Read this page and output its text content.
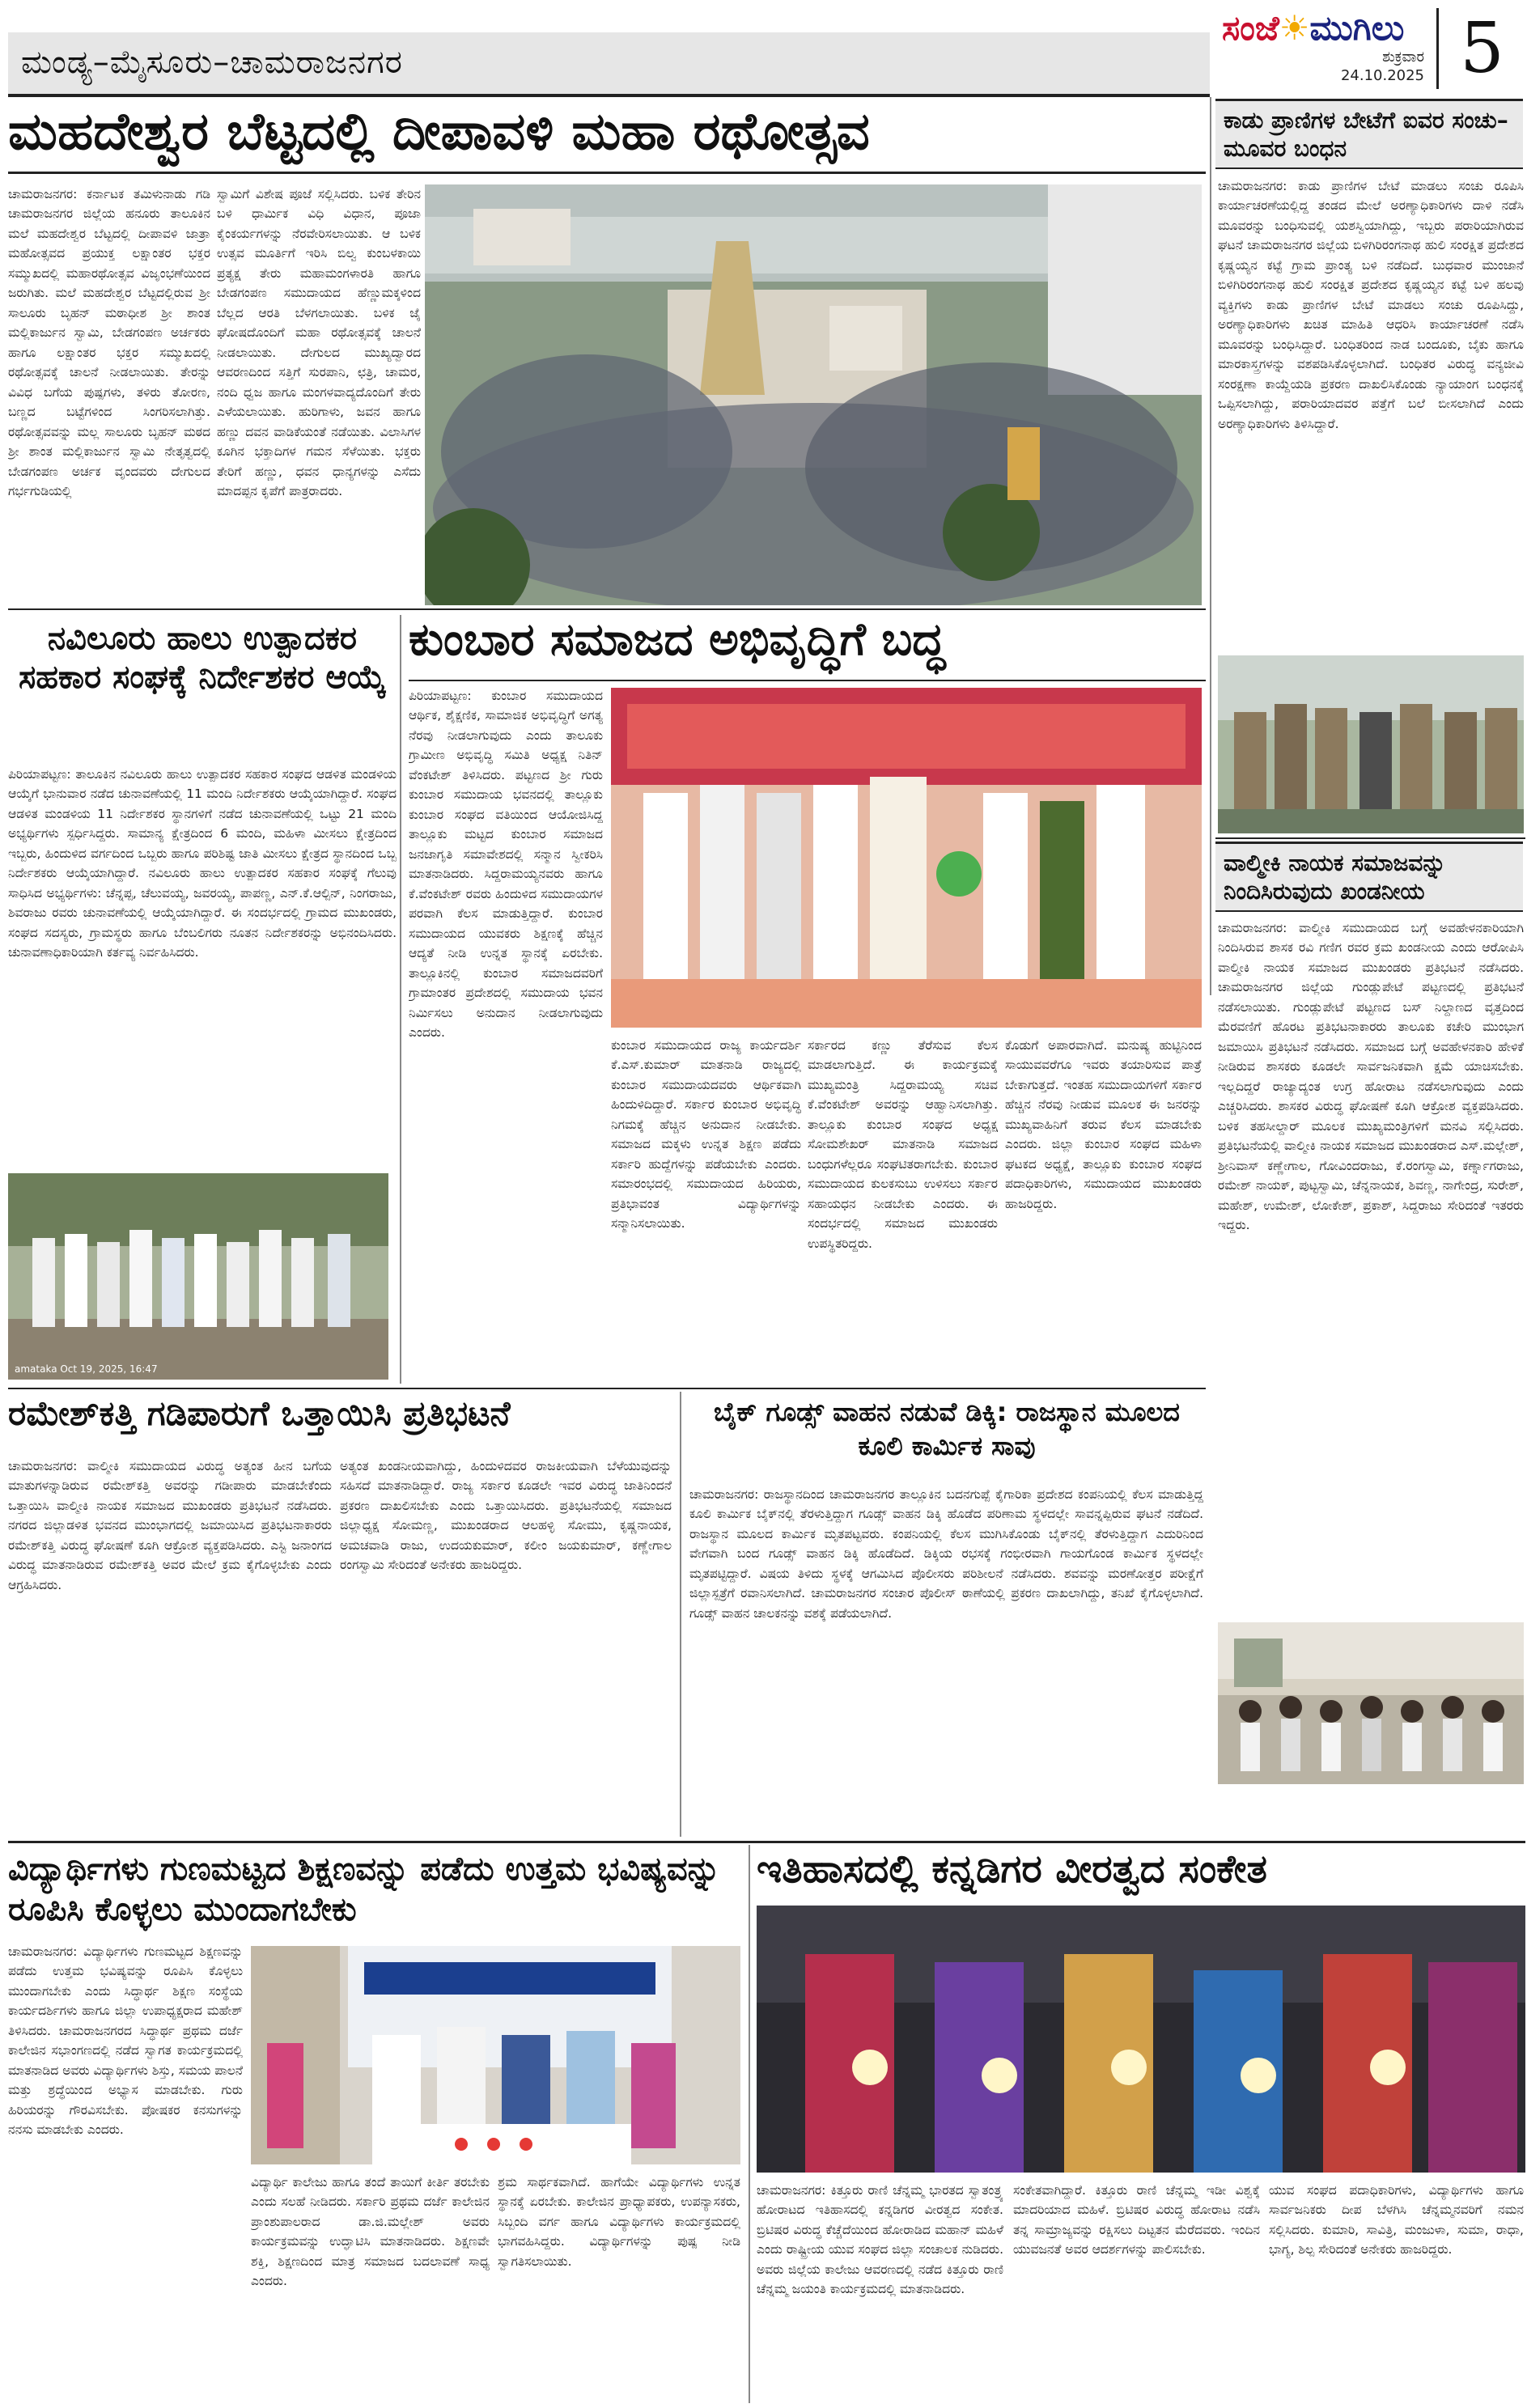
ಮಂಡ್ಯ–ಮೈಸೂರು–ಚಾಮರಾಜನಗರ
ಸಂಜೆ☀ಮುಗಿಲು
ಶುಕ್ರವಾರ
24.10.2025 5
ಮಹದೇಶ್ವರ ಬೆಟ್ಟದಲ್ಲಿ ದೀಪಾವಳಿ ಮಹಾ ರಥೋತ್ಸವ
ಚಾಮರಾಜನಗರ: ಕರ್ನಾಟಕ ತಮಿಳುನಾಡು ಗಡಿ ಚಾಮರಾಜನಗರ ಜಿಲ್ಲೆಯ ಹನೂರು ತಾಲೂಕಿನ ಮಲೆ ಮಹದೇಶ್ವರ ಬೆಟ್ಟದಲ್ಲಿ ದೀಪಾವಳಿ ಜಾತ್ರಾ ಮಹೋತ್ಸವದ ಪ್ರಯುಕ್ತ ಲಕ್ಷಾಂತರ ಭಕ್ತರ ಸಮ್ಮುಖದಲ್ಲಿ ಮಹಾರಥೋತ್ಸವ ವಿಜೃಂಭಣೆಯಿಂದ ಜರುಗಿತು. ಮಲೆ ಮಹದೇಶ್ವರ ಬೆಟ್ಟದಲ್ಲಿರುವ ಶ್ರೀ ಸಾಲೂರು ಬೃಹನ್ ಮಠಾಧೀಶ ಶ್ರೀ ಶಾಂತ ಮಲ್ಲಿಕಾರ್ಜುನ ಸ್ವಾಮಿ, ಬೇಡಗಂಪಣ ಅರ್ಚಕರು ಹಾಗೂ ಲಕ್ಷಾಂತರ ಭಕ್ತರ ಸಮ್ಮುಖದಲ್ಲಿ ರಥೋತ್ಸವಕ್ಕೆ ಚಾಲನೆ ನೀಡಲಾಯಿತು. ತೇರನ್ನು ವಿವಿಧ ಬಗೆಯ ಪುಷ್ಪಗಳು, ತಳಿರು ತೋರಣ, ಬಣ್ಣದ ಬಟ್ಟೆಗಳಿಂದ ಸಿಂಗರಿಸಲಾಗಿತ್ತು. ರಥೋತ್ಸವವನ್ನು ಮಲ್ಲ ಸಾಲೂರು ಬೃಹನ್ ಮಠದ ಶ್ರೀ ಶಾಂತ ಮಲ್ಲಿಕಾರ್ಜುನ ಸ್ವಾಮಿ ನೇತೃತ್ವದಲ್ಲಿ ಬೇಡಗಂಪಣ ಅರ್ಚಕ ವೃಂದವರು ದೇಗುಲದ ಗರ್ಭಗುಡಿಯಲ್ಲಿ
ಸ್ವಾಮಿಗೆ ವಿಶೇಷ ಪೂಜೆ ಸಲ್ಲಿಸಿದರು. ಬಳಿಕ ತೇರಿನ ಬಳಿ ಧಾರ್ಮಿಕ ವಿಧಿ ವಿಧಾನ, ಪೂಜಾ ಕೈಂಕರ್ಯಗಳನ್ನು ನೆರವೇರಿಸಲಾಯಿತು. ಆ ಬಳಿಕ ಉತ್ಸವ ಮೂರ್ತಿಗೆ ಇರಿಸಿ ಬಿಲ್ವ ಕುಂಬಳಕಾಯಿ ಪ್ರತ್ಯಕ್ಷ ತೇರು ಮಹಾಮಂಗಳಾರತಿ ಹಾಗೂ ಬೇಡಗಂಪಣ ಸಮುದಾಯದ ಹೆಣ್ಣುಮಕ್ಕಳಿಂದ ಬೆಲ್ಲದ ಆರತಿ ಬೆಳಗಲಾಯಿತು. ಬಳಿಕ ಜೈ ಘೋಷದೊಂದಿಗೆ ಮಹಾ ರಥೋತ್ಸವಕ್ಕೆ ಚಾಲನೆ ನೀಡಲಾಯಿತು. ದೇಗುಲದ ಮುಖ್ಯದ್ವಾರದ ಆವರಣದಿಂದ ಸತ್ತಿಗೆ ಸುರಪಾನಿ, ಛತ್ರಿ, ಚಾಮರ, ನಂದಿ ಧ್ವಜ ಹಾಗೂ ಮಂಗಳವಾದ್ಯದೊಂದಿಗೆ ತೇರು ಎಳೆಯಲಾಯಿತು. ಹುರಿಗಾಳು, ಜವನ ಹಾಗೂ ಹಣ್ಣು ದವನ ವಾಡಿಕೆಯಂತೆ ನಡೆಯಿತು. ವಿಲಾಸಿಗಳ ಕೂಗಿನ ಭಕ್ತಾದಿಗಳ ಗಮನ ಸೆಳೆಯಿತು. ಭಕ್ತರು ತೇರಿಗೆ ಹಣ್ಣು, ಧವನ ಧಾನ್ಯಗಳನ್ನು ಎಸೆದು ಮಾದಪ್ಪನ ಕೃಪೆಗೆ ಪಾತ್ರರಾದರು.
ಕಾಡು ಪ್ರಾಣಿಗಳ ಬೇಟೆಗೆ ಐವರ ಸಂಚು–ಮೂವರ ಬಂಧನ
ಚಾಮರಾಜನಗರ: ಕಾಡು ಪ್ರಾಣಿಗಳ ಬೇಟೆ ಮಾಡಲು ಸಂಚು ರೂಪಿಸಿ ಕಾರ್ಯಾಚರಣೆಯಲ್ಲಿದ್ದ ತಂಡದ ಮೇಲೆ ಅರಣ್ಯಾಧಿಕಾರಿಗಳು ದಾಳಿ ನಡೆಸಿ ಮೂವರನ್ನು ಬಂಧಿಸುವಲ್ಲಿ ಯಶಸ್ವಿಯಾಗಿದ್ದು, ಇಬ್ಬರು ಪರಾರಿಯಾಗಿರುವ ಘಟನೆ ಚಾಮರಾಜನಗರ ಜಿಲ್ಲೆಯ ಬಿಳಿಗಿರಿರಂಗನಾಥ ಹುಲಿ ಸಂರಕ್ಷಿತ ಪ್ರದೇಶದ ಕೃಷ್ಣಯ್ಯನ ಕಟ್ಟೆ ಗ್ರಾಮ ಪ್ರಾಂತ್ಯ ಬಳಿ ನಡೆದಿದೆ. ಬುಧವಾರ ಮುಂಜಾನೆ ಬಿಳಿಗಿರಿರಂಗನಾಥ ಹುಲಿ ಸಂರಕ್ಷಿತ ಪ್ರದೇಶದ ಕೃಷ್ಣಯ್ಯನ ಕಟ್ಟೆ ಬಳಿ ಹಲವು ವ್ಯಕ್ತಿಗಳು ಕಾಡು ಪ್ರಾಣಿಗಳ ಬೇಟೆ ಮಾಡಲು ಸಂಚು ರೂಪಿಸಿದ್ದು, ಅರಣ್ಯಾಧಿಕಾರಿಗಳು ಖಚಿತ ಮಾಹಿತಿ ಆಧರಿಸಿ ಕಾರ್ಯಾಚರಣೆ ನಡೆಸಿ ಮೂವರನ್ನು ಬಂಧಿಸಿದ್ದಾರೆ. ಬಂಧಿತರಿಂದ ನಾಡ ಬಂದೂಕು, ಬೈಕು ಹಾಗೂ ಮಾರಕಾಸ್ತ್ರಗಳನ್ನು ವಶಪಡಿಸಿಕೊಳ್ಳಲಾಗಿದೆ. ಬಂಧಿತರ ವಿರುದ್ಧ ವನ್ಯಜೀವಿ ಸಂರಕ್ಷಣಾ ಕಾಯ್ದೆಯಡಿ ಪ್ರಕರಣ ದಾಖಲಿಸಿಕೊಂಡು ನ್ಯಾಯಾಂಗ ಬಂಧನಕ್ಕೆ ಒಪ್ಪಿಸಲಾಗಿದ್ದು, ಪರಾರಿಯಾದವರ ಪತ್ತೆಗೆ ಬಲೆ ಬೀಸಲಾಗಿದೆ ಎಂದು ಅರಣ್ಯಾಧಿಕಾರಿಗಳು ತಿಳಿಸಿದ್ದಾರೆ.
ವಾಲ್ಮೀಕಿ ನಾಯಕ ಸಮಾಜವನ್ನು ನಿಂದಿಸಿರುವುದು ಖಂಡನೀಯ
ಚಾಮರಾಜನಗರ: ವಾಲ್ಮೀಕಿ ಸಮುದಾಯದ ಬಗ್ಗೆ ಅವಹೇಳನಕಾರಿಯಾಗಿ ನಿಂದಿಸಿರುವ ಶಾಸಕ ರವಿ ಗಣಿಗ ರವರ ಕ್ರಮ ಖಂಡನೀಯ ಎಂದು ಆರೋಪಿಸಿ ವಾಲ್ಮೀಕಿ ನಾಯಕ ಸಮಾಜದ ಮುಖಂಡರು ಪ್ರತಿಭಟನೆ ನಡೆಸಿದರು. ಚಾಮರಾಜನಗರ ಜಿಲ್ಲೆಯ ಗುಂಡ್ಲುಪೇಟೆ ಪಟ್ಟಣದಲ್ಲಿ ಪ್ರತಿಭಟನೆ ನಡೆಸಲಾಯಿತು. ಗುಂಡ್ಲುಪೇಟೆ ಪಟ್ಟಣದ ಬಸ್ ನಿಲ್ದಾಣದ ವೃತ್ತದಿಂದ ಮೆರವಣಿಗೆ ಹೊರಟ ಪ್ರತಿಭಟನಾಕಾರರು ತಾಲೂಕು ಕಚೇರಿ ಮುಂಭಾಗ ಜಮಾಯಿಸಿ ಪ್ರತಿಭಟನೆ ನಡೆಸಿದರು. ಸಮಾಜದ ಬಗ್ಗೆ ಅವಹೇಳನಕಾರಿ ಹೇಳಿಕೆ ನೀಡಿರುವ ಶಾಸಕರು ಕೂಡಲೇ ಸಾರ್ವಜನಿಕವಾಗಿ ಕ್ಷಮೆ ಯಾಚಿಸಬೇಕು. ಇಲ್ಲದಿದ್ದರೆ ರಾಜ್ಯಾದ್ಯಂತ ಉಗ್ರ ಹೋರಾಟ ನಡೆಸಲಾಗುವುದು ಎಂದು ಎಚ್ಚರಿಸಿದರು. ಶಾಸಕರ ವಿರುದ್ಧ ಘೋಷಣೆ ಕೂಗಿ ಆಕ್ರೋಶ ವ್ಯಕ್ತಪಡಿಸಿದರು. ಬಳಿಕ ತಹಸೀಲ್ದಾರ್ ಮೂಲಕ ಮುಖ್ಯಮಂತ್ರಿಗಳಿಗೆ ಮನವಿ ಸಲ್ಲಿಸಿದರು. ಪ್ರತಿಭಟನೆಯಲ್ಲಿ ವಾಲ್ಮೀಕಿ ನಾಯಕ ಸಮಾಜದ ಮುಖಂಡರಾದ ಎಸ್.ಮಲ್ಲೇಶ್, ಶ್ರೀನಿವಾಸ್ ಕಣ್ಣೇಗಾಲ, ಗೋವಿಂದರಾಜು, ಕೆ.ರಂಗಸ್ವಾಮಿ, ಕರ್ಣ್ನಾಗರಾಜು, ರಮೇಶ್ ನಾಯಕ್, ಪುಟ್ಟಸ್ವಾಮಿ, ಚೆನ್ನನಾಯಕ, ಶಿವಣ್ಣ, ನಾಗೇಂದ್ರ, ಸುರೇಶ್, ಮಹೇಶ್, ಉಮೇಶ್, ಲೋಕೇಶ್, ಪ್ರಕಾಶ್, ಸಿದ್ದರಾಜು ಸೇರಿದಂತೆ ಇತರರು ಇದ್ದರು.
ನವಿಲೂರು ಹಾಲು ಉತ್ಪಾದಕರ ಸಹಕಾರ ಸಂಘಕ್ಕೆ ನಿರ್ದೇಶಕರ ಆಯ್ಕೆ
ಪಿರಿಯಾಪಟ್ಟಣ: ತಾಲೂಕಿನ ನವಿಲೂರು ಹಾಲು ಉತ್ಪಾದಕರ ಸಹಕಾರ ಸಂಘದ ಆಡಳಿತ ಮಂಡಳಿಯ ಆಯ್ಕೆಗೆ ಭಾನುವಾರ ನಡೆದ ಚುನಾವಣೆಯಲ್ಲಿ 11 ಮಂದಿ ನಿರ್ದೇಶಕರು ಆಯ್ಕೆಯಾಗಿದ್ದಾರೆ. ಸಂಘದ ಆಡಳಿತ ಮಂಡಳಿಯ 11 ನಿರ್ದೇಶಕರ ಸ್ಥಾನಗಳಿಗೆ ನಡೆದ ಚುನಾವಣೆಯಲ್ಲಿ ಒಟ್ಟು 21 ಮಂದಿ ಅಭ್ಯರ್ಥಿಗಳು ಸ್ಪರ್ಧಿಸಿದ್ದರು. ಸಾಮಾನ್ಯ ಕ್ಷೇತ್ರದಿಂದ 6 ಮಂದಿ, ಮಹಿಳಾ ಮೀಸಲು ಕ್ಷೇತ್ರದಿಂದ ಇಬ್ಬರು, ಹಿಂದುಳಿದ ವರ್ಗದಿಂದ ಒಬ್ಬರು ಹಾಗೂ ಪರಿಶಿಷ್ಟ ಜಾತಿ ಮೀಸಲು ಕ್ಷೇತ್ರದ ಸ್ಥಾನದಿಂದ ಒಬ್ಬ ನಿರ್ದೇಶಕರು ಆಯ್ಕೆಯಾಗಿದ್ದಾರೆ. ನವಿಲೂರು ಹಾಲು ಉತ್ಪಾದಕರ ಸಹಕಾರ ಸಂಘಕ್ಕೆ ಗೆಲುವು ಸಾಧಿಸಿದ ಅಭ್ಯರ್ಥಿಗಳು: ಚೆನ್ನಪ್ಪ, ಚೆಲುವಯ್ಯ, ಜವರಯ್ಯ, ಪಾಪಣ್ಣ, ಎನ್.ಕೆ.ಆಲ್ಪಿನ್, ನಿಂಗರಾಜು, ಶಿವರಾಜು ರವರು ಚುನಾವಣೆಯಲ್ಲಿ ಆಯ್ಕೆಯಾಗಿದ್ದಾರೆ. ಈ ಸಂದರ್ಭದಲ್ಲಿ ಗ್ರಾಮದ ಮುಖಂಡರು, ಸಂಘದ ಸದಸ್ಯರು, ಗ್ರಾಮಸ್ಥರು ಹಾಗೂ ಬೆಂಬಲಿಗರು ನೂತನ ನಿರ್ದೇಶಕರನ್ನು ಅಭಿನಂದಿಸಿದರು. ಚುನಾವಣಾಧಿಕಾರಿಯಾಗಿ ಕರ್ತವ್ಯ ನಿರ್ವಹಿಸಿದರು.
amataka Oct 19, 2025, 16:47
ಕುಂಬಾರ ಸಮಾಜದ ಅಭಿವೃದ್ಧಿಗೆ ಬದ್ಧ
ಪಿರಿಯಾಪಟ್ಟಣ: ಕುಂಬಾರ ಸಮುದಾಯದ ಆರ್ಥಿಕ, ಶೈಕ್ಷಣಿಕ, ಸಾಮಾಜಿಕ ಅಭಿವೃದ್ಧಿಗೆ ಅಗತ್ಯ ನೆರವು ನೀಡಲಾಗುವುದು ಎಂದು ತಾಲೂಕು ಗ್ರಾಮೀಣ ಅಭಿವೃದ್ಧಿ ಸಮಿತಿ ಅಧ್ಯಕ್ಷ ನಿತಿನ್ ವೆಂಕಟೇಶ್ ತಿಳಿಸಿದರು. ಪಟ್ಟಣದ ಶ್ರೀ ಗುರು ಕುಂಬಾರ ಸಮುದಾಯ ಭವನದಲ್ಲಿ ತಾಲ್ಲೂಕು ಕುಂಬಾರ ಸಂಘದ ವತಿಯಿಂದ ಆಯೋಜಿಸಿದ್ದ ತಾಲ್ಲೂಕು ಮಟ್ಟದ ಕುಂಬಾರ ಸಮಾಜದ ಜನಜಾಗೃತಿ ಸಮಾವೇಶದಲ್ಲಿ ಸನ್ಮಾನ ಸ್ವೀಕರಿಸಿ ಮಾತನಾಡಿದರು. ಸಿದ್ದರಾಮಯ್ಯನವರು ಹಾಗೂ ಕೆ.ವೆಂಕಟೇಶ್ ರವರು ಹಿಂದುಳಿದ ಸಮುದಾಯಗಳ ಪರವಾಗಿ ಕೆಲಸ ಮಾಡುತ್ತಿದ್ದಾರೆ. ಕುಂಬಾರ ಸಮುದಾಯದ ಯುವಕರು ಶಿಕ್ಷಣಕ್ಕೆ ಹೆಚ್ಚಿನ ಆದ್ಯತೆ ನೀಡಿ ಉನ್ನತ ಸ್ಥಾನಕ್ಕೆ ಏರಬೇಕು. ತಾಲ್ಲೂಕಿನಲ್ಲಿ ಕುಂಬಾರ ಸಮಾಜದವರಿಗೆ ಗ್ರಾಮಾಂತರ ಪ್ರದೇಶದಲ್ಲಿ ಸಮುದಾಯ ಭವನ ನಿರ್ಮಿಸಲು ಅನುದಾನ ನೀಡಲಾಗುವುದು ಎಂದರು.
ಕುಂಬಾರ ಸಮುದಾಯದ ರಾಜ್ಯ ಕಾರ್ಯದರ್ಶಿ ಕೆ.ಎಸ್.ಕುಮಾರ್ ಮಾತನಾಡಿ ರಾಜ್ಯದಲ್ಲಿ ಕುಂಬಾರ ಸಮುದಾಯದವರು ಆರ್ಥಿಕವಾಗಿ ಹಿಂದುಳಿದಿದ್ದಾರೆ. ಸರ್ಕಾರ ಕುಂಬಾರ ಅಭಿವೃದ್ಧಿ ನಿಗಮಕ್ಕೆ ಹೆಚ್ಚಿನ ಅನುದಾನ ನೀಡಬೇಕು. ಸಮಾಜದ ಮಕ್ಕಳು ಉನ್ನತ ಶಿಕ್ಷಣ ಪಡೆದು ಸರ್ಕಾರಿ ಹುದ್ದೆಗಳನ್ನು ಪಡೆಯಬೇಕು ಎಂದರು. ಸಮಾರಂಭದಲ್ಲಿ ಸಮುದಾಯದ ಹಿರಿಯರು, ಪ್ರತಿಭಾವಂತ ವಿದ್ಯಾರ್ಥಿಗಳನ್ನು ಸನ್ಮಾನಿಸಲಾಯಿತು.
ಸರ್ಕಾರದ ಕಣ್ಣು ತೆರೆಸುವ ಕೆಲಸ ಮಾಡಲಾಗುತ್ತಿದೆ. ಈ ಕಾರ್ಯಕ್ರಮಕ್ಕೆ ಮುಖ್ಯಮಂತ್ರಿ ಸಿದ್ದರಾಮಯ್ಯ ಸಚಿವ ಕೆ.ವೆಂಕಟೇಶ್ ಅವರನ್ನು ಆಹ್ವಾನಿಸಲಾಗಿತ್ತು. ತಾಲ್ಲೂಕು ಕುಂಬಾರ ಸಂಘದ ಅಧ್ಯಕ್ಷ ಸೋಮಶೇಖರ್ ಮಾತನಾಡಿ ಸಮಾಜದ ಬಂಧುಗಳೆಲ್ಲರೂ ಸಂಘಟಿತರಾಗಬೇಕು. ಕುಂಬಾರ ಸಮುದಾಯದ ಕುಲಕಸುಬು ಉಳಿಸಲು ಸರ್ಕಾರ ಸಹಾಯಧನ ನೀಡಬೇಕು ಎಂದರು. ಈ ಸಂದರ್ಭದಲ್ಲಿ ಸಮಾಜದ ಮುಖಂಡರು ಉಪಸ್ಥಿತರಿದ್ದರು.
ಕೊಡುಗೆ ಅಪಾರವಾಗಿದೆ. ಮನುಷ್ಯ ಹುಟ್ಟಿನಿಂದ ಸಾಯುವವರೆಗೂ ಇವರು ತಯಾರಿಸುವ ಪಾತ್ರೆ ಬೇಕಾಗುತ್ತದೆ. ಇಂತಹ ಸಮುದಾಯಗಳಿಗೆ ಸರ್ಕಾರ ಹೆಚ್ಚಿನ ನೆರವು ನೀಡುವ ಮೂಲಕ ಈ ಜನರನ್ನು ಮುಖ್ಯವಾಹಿನಿಗೆ ತರುವ ಕೆಲಸ ಮಾಡಬೇಕು ಎಂದರು. ಜಿಲ್ಲಾ ಕುಂಬಾರ ಸಂಘದ ಮಹಿಳಾ ಘಟಕದ ಅಧ್ಯಕ್ಷೆ, ತಾಲ್ಲೂಕು ಕುಂಬಾರ ಸಂಘದ ಪದಾಧಿಕಾರಿಗಳು, ಸಮುದಾಯದ ಮುಖಂಡರು ಹಾಜರಿದ್ದರು.
ರಮೇಶ್‌ಕತ್ತಿ ಗಡಿಪಾರುಗೆ ಒತ್ತಾಯಿಸಿ ಪ್ರತಿಭಟನೆ
ಚಾಮರಾಜನಗರ: ವಾಲ್ಮೀಕಿ ಸಮುದಾಯದ ವಿರುದ್ಧ ಅತ್ಯಂತ ಹೀನ ಬಗೆಯ ಮಾತುಗಳನ್ನಾಡಿರುವ ರಮೇಶ್‌ಕತ್ತಿ ಅವರನ್ನು ಗಡೀಪಾರು ಮಾಡಬೇಕೆಂದು ಒತ್ತಾಯಿಸಿ ವಾಲ್ಮೀಕಿ ನಾಯಕ ಸಮಾಜದ ಮುಖಂಡರು ಪ್ರತಿಭಟನೆ ನಡೆಸಿದರು. ನಗರದ ಜಿಲ್ಲಾಡಳಿತ ಭವನದ ಮುಂಭಾಗದಲ್ಲಿ ಜಮಾಯಿಸಿದ ಪ್ರತಿಭಟನಾಕಾರರು ರಮೇಶ್‌ಕತ್ತಿ ವಿರುದ್ಧ ಘೋಷಣೆ ಕೂಗಿ ಆಕ್ರೋಶ ವ್ಯಕ್ತಪಡಿಸಿದರು. ಎಸ್ಟಿ ಜನಾಂಗದ ವಿರುದ್ಧ ಮಾತನಾಡಿರುವ ರಮೇಶ್‌ಕತ್ತಿ ಅವರ ಮೇಲೆ ಕ್ರಮ ಕೈಗೊಳ್ಳಬೇಕು ಎಂದು ಆಗ್ರಹಿಸಿದರು.
ಅತ್ಯಂತ ಖಂಡನೀಯವಾಗಿದ್ದು, ಹಿಂದುಳಿದವರ ರಾಜಕೀಯವಾಗಿ ಬೆಳೆಯುವುದನ್ನು ಸಹಿಸದೆ ಮಾತನಾಡಿದ್ದಾರೆ. ರಾಜ್ಯ ಸರ್ಕಾರ ಕೂಡಲೇ ಇವರ ವಿರುದ್ಧ ಜಾತಿನಿಂದನೆ ಪ್ರಕರಣ ದಾಖಲಿಸಬೇಕು ಎಂದು ಒತ್ತಾಯಿಸಿದರು. ಪ್ರತಿಭಟನೆಯಲ್ಲಿ ಸಮಾಜದ ಜಿಲ್ಲಾಧ್ಯಕ್ಷ ಸೋಮಣ್ಣ, ಮುಖಂಡರಾದ ಆಲಹಳ್ಳಿ ಸೋಮು, ಕೃಷ್ಣನಾಯಕ, ಅಮಚವಾಡಿ ರಾಜು, ಉದಯಕುಮಾರ್, ಕಲೀಂ ಜಯಕುಮಾರ್, ಕಣ್ಣೇಗಾಲ ರಂಗಸ್ವಾಮಿ ಸೇರಿದಂತೆ ಅನೇಕರು ಹಾಜರಿದ್ದರು.
ಬೈಕ್ ಗೂಡ್ಸ್ ವಾಹನ ನಡುವೆ ಡಿಕ್ಕಿ: ರಾಜಸ್ಥಾನ ಮೂಲದ ಕೂಲಿ ಕಾರ್ಮಿಕ ಸಾವು
ಚಾಮರಾಜನಗರ: ರಾಜಸ್ಥಾನದಿಂದ ಚಾಮರಾಜನಗರ ತಾಲ್ಲೂಕಿನ ಬದನಗುಪ್ಪೆ ಕೈಗಾರಿಕಾ ಪ್ರದೇಶದ ಕಂಪನಿಯಲ್ಲಿ ಕೆಲಸ ಮಾಡುತ್ತಿದ್ದ ಕೂಲಿ ಕಾರ್ಮಿಕ ಬೈಕ್‌ನಲ್ಲಿ ತೆರಳುತ್ತಿದ್ದಾಗ ಗೂಡ್ಸ್ ವಾಹನ ಡಿಕ್ಕಿ ಹೊಡೆದ ಪರಿಣಾಮ ಸ್ಥಳದಲ್ಲೇ ಸಾವನ್ನಪ್ಪಿರುವ ಘಟನೆ ನಡೆದಿದೆ. ರಾಜಸ್ಥಾನ ಮೂಲದ ಕಾರ್ಮಿಕ ಮೃತಪಟ್ಟವರು. ಕಂಪನಿಯಲ್ಲಿ ಕೆಲಸ ಮುಗಿಸಿಕೊಂಡು ಬೈಕ್‌ನಲ್ಲಿ ತೆರಳುತ್ತಿದ್ದಾಗ ಎದುರಿನಿಂದ ವೇಗವಾಗಿ ಬಂದ ಗೂಡ್ಸ್ ವಾಹನ ಡಿಕ್ಕಿ ಹೊಡೆದಿದೆ. ಡಿಕ್ಕಿಯ ರಭಸಕ್ಕೆ ಗಂಭೀರವಾಗಿ ಗಾಯಗೊಂಡ ಕಾರ್ಮಿಕ ಸ್ಥಳದಲ್ಲೇ ಮೃತಪಟ್ಟಿದ್ದಾರೆ. ವಿಷಯ ತಿಳಿದು ಸ್ಥಳಕ್ಕೆ ಆಗಮಿಸಿದ ಪೊಲೀಸರು ಪರಿಶೀಲನೆ ನಡೆಸಿದರು. ಶವವನ್ನು ಮರಣೋತ್ತರ ಪರೀಕ್ಷೆಗೆ ಜಿಲ್ಲಾಸ್ಪತ್ರೆಗೆ ರವಾನಿಸಲಾಗಿದೆ. ಚಾಮರಾಜನಗರ ಸಂಚಾರ ಪೊಲೀಸ್ ಠಾಣೆಯಲ್ಲಿ ಪ್ರಕರಣ ದಾಖಲಾಗಿದ್ದು, ತನಿಖೆ ಕೈಗೊಳ್ಳಲಾಗಿದೆ. ಗೂಡ್ಸ್ ವಾಹನ ಚಾಲಕನನ್ನು ವಶಕ್ಕೆ ಪಡೆಯಲಾಗಿದೆ.
ವಿದ್ಯಾರ್ಥಿಗಳು ಗುಣಮಟ್ಟದ ಶಿಕ್ಷಣವನ್ನು ಪಡೆದು ಉತ್ತಮ ಭವಿಷ್ಯವನ್ನು ರೂಪಿಸಿ ಕೊಳ್ಳಲು ಮುಂದಾಗಬೇಕು
ಚಾಮರಾಜನಗರ: ವಿದ್ಯಾರ್ಥಿಗಳು ಗುಣಮಟ್ಟದ ಶಿಕ್ಷಣವನ್ನು ಪಡೆದು ಉತ್ತಮ ಭವಿಷ್ಯವನ್ನು ರೂಪಿಸಿ ಕೊಳ್ಳಲು ಮುಂದಾಗಬೇಕು ಎಂದು ಸಿದ್ಧಾರ್ಥ ಶಿಕ್ಷಣ ಸಂಸ್ಥೆಯ ಕಾರ್ಯದರ್ಶಿಗಳು ಹಾಗೂ ಜಿಲ್ಲಾ ಉಪಾಧ್ಯಕ್ಷರಾದ ಮಹೇಶ್ ತಿಳಿಸಿದರು. ಚಾಮರಾಜನಗರದ ಸಿದ್ಧಾರ್ಥ ಪ್ರಥಮ ದರ್ಜೆ ಕಾಲೇಜಿನ ಸಭಾಂಗಣದಲ್ಲಿ ನಡೆದ ಸ್ವಾಗತ ಕಾರ್ಯಕ್ರಮದಲ್ಲಿ ಮಾತನಾಡಿದ ಅವರು ವಿದ್ಯಾರ್ಥಿಗಳು ಶಿಸ್ತು, ಸಮಯ ಪಾಲನೆ ಮತ್ತು ಶ್ರದ್ಧೆಯಿಂದ ಅಭ್ಯಾಸ ಮಾಡಬೇಕು. ಗುರು ಹಿರಿಯರನ್ನು ಗೌರವಿಸಬೇಕು. ಪೋಷಕರ ಕನಸುಗಳನ್ನು ನನಸು ಮಾಡಬೇಕು ಎಂದರು.
ವಿದ್ಯಾರ್ಥಿ ಕಾಲೇಜು ಹಾಗೂ ತಂದೆ ತಾಯಿಗೆ ಕೀರ್ತಿ ತರಬೇಕು ಎಂದು ಸಲಹೆ ನೀಡಿದರು. ಸರ್ಕಾರಿ ಪ್ರಥಮ ದರ್ಜೆ ಕಾಲೇಜಿನ ಪ್ರಾಂಶುಪಾಲರಾದ ಡಾ.ಜಿ.ಮಲ್ಲೇಶ್ ಅವರು ಕಾರ್ಯಕ್ರಮವನ್ನು ಉದ್ಘಾಟಿಸಿ ಮಾತನಾಡಿದರು. ಶಿಕ್ಷಣವೇ ಶಕ್ತಿ, ಶಿಕ್ಷಣದಿಂದ ಮಾತ್ರ ಸಮಾಜದ ಬದಲಾವಣೆ ಸಾಧ್ಯ ಎಂದರು.
ಶ್ರಮ ಸಾರ್ಥಕವಾಗಿದೆ. ಹಾಗೆಯೇ ವಿದ್ಯಾರ್ಥಿಗಳು ಉನ್ನತ ಸ್ಥಾನಕ್ಕೆ ಏರಬೇಕು. ಕಾಲೇಜಿನ ಪ್ರಾಧ್ಯಾಪಕರು, ಉಪನ್ಯಾಸಕರು, ಸಿಬ್ಬಂದಿ ವರ್ಗ ಹಾಗೂ ವಿದ್ಯಾರ್ಥಿಗಳು ಕಾರ್ಯಕ್ರಮದಲ್ಲಿ ಭಾಗವಹಿಸಿದ್ದರು. ವಿದ್ಯಾರ್ಥಿಗಳನ್ನು ಪುಷ್ಪ ನೀಡಿ ಸ್ವಾಗತಿಸಲಾಯಿತು.
ಇತಿಹಾಸದಲ್ಲಿ ಕನ್ನಡಿಗರ ವೀರತ್ವದ ಸಂಕೇತ
ಚಾಮರಾಜನಗರ: ಕಿತ್ತೂರು ರಾಣಿ ಚೆನ್ನಮ್ಮ ಭಾರತದ ಸ್ವಾತಂತ್ರ್ಯ ಹೋರಾಟದ ಇತಿಹಾಸದಲ್ಲಿ ಕನ್ನಡಿಗರ ವೀರತ್ವದ ಸಂಕೇತ. ಬ್ರಿಟಿಷರ ವಿರುದ್ಧ ಕೆಚ್ಚೆದೆಯಿಂದ ಹೋರಾಡಿದ ಮಹಾನ್ ಮಹಿಳೆ ಎಂದು ರಾಷ್ಟ್ರೀಯ ಯುವ ಸಂಘದ ಜಿಲ್ಲಾ ಸಂಚಾಲಕ ನುಡಿದರು. ಅವರು ಜಿಲ್ಲೆಯ ಕಾಲೇಜು ಆವರಣದಲ್ಲಿ ನಡೆದ ಕಿತ್ತೂರು ರಾಣಿ ಚೆನ್ನಮ್ಮ ಜಯಂತಿ ಕಾರ್ಯಕ್ರಮದಲ್ಲಿ ಮಾತನಾಡಿದರು.
ಸಂಕೇತವಾಗಿದ್ದಾರೆ. ಕಿತ್ತೂರು ರಾಣಿ ಚೆನ್ನಮ್ಮ ಇಡೀ ವಿಶ್ವಕ್ಕೆ ಮಾದರಿಯಾದ ಮಹಿಳೆ. ಬ್ರಿಟಿಷರ ವಿರುದ್ಧ ಹೋರಾಟ ನಡೆಸಿ ತನ್ನ ಸಾಮ್ರಾಜ್ಯವನ್ನು ರಕ್ಷಿಸಲು ದಿಟ್ಟತನ ಮೆರೆದವರು. ಇಂದಿನ ಯುವಜನತೆ ಅವರ ಆದರ್ಶಗಳನ್ನು ಪಾಲಿಸಬೇಕು.
ಯುವ ಸಂಘದ ಪದಾಧಿಕಾರಿಗಳು, ವಿದ್ಯಾರ್ಥಿಗಳು ಹಾಗೂ ಸಾರ್ವಜನಿಕರು ದೀಪ ಬೆಳಗಿಸಿ ಚೆನ್ನಮ್ಮನವರಿಗೆ ನಮನ ಸಲ್ಲಿಸಿದರು. ಕುಮಾರಿ, ಸಾವಿತ್ರಿ, ಮಂಜುಳಾ, ಸುಮಾ, ರಾಧಾ, ಭಾಗ್ಯ, ಶಿಲ್ಪ ಸೇರಿದಂತೆ ಅನೇಕರು ಹಾಜರಿದ್ದರು.
